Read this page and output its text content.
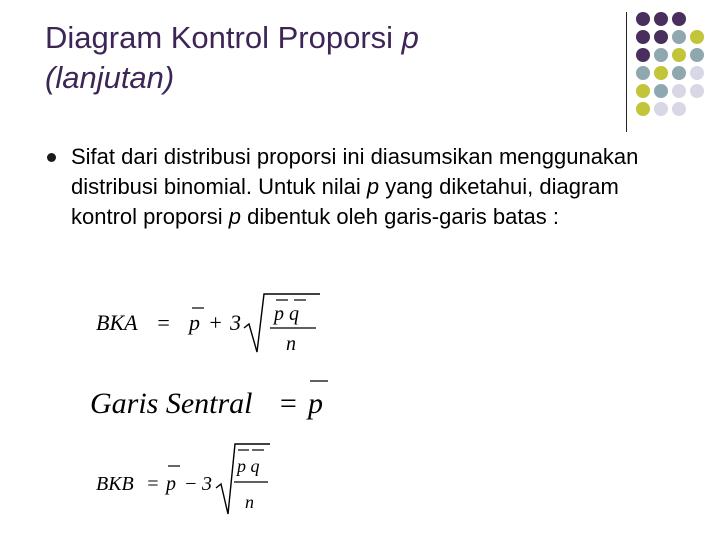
Diagram Kontrol Proporsi p
(lanjutan)
Sifat dari distribusi proporsi ini diasumsikan menggunakan distribusi binomial. Untuk nilai p yang diketahui, diagram kontrol proporsi p dibentuk oleh garis-garis batas :
BKA = p + 3 p q
n
Garis Sentral = p
BKB = p − 3
p q
n
